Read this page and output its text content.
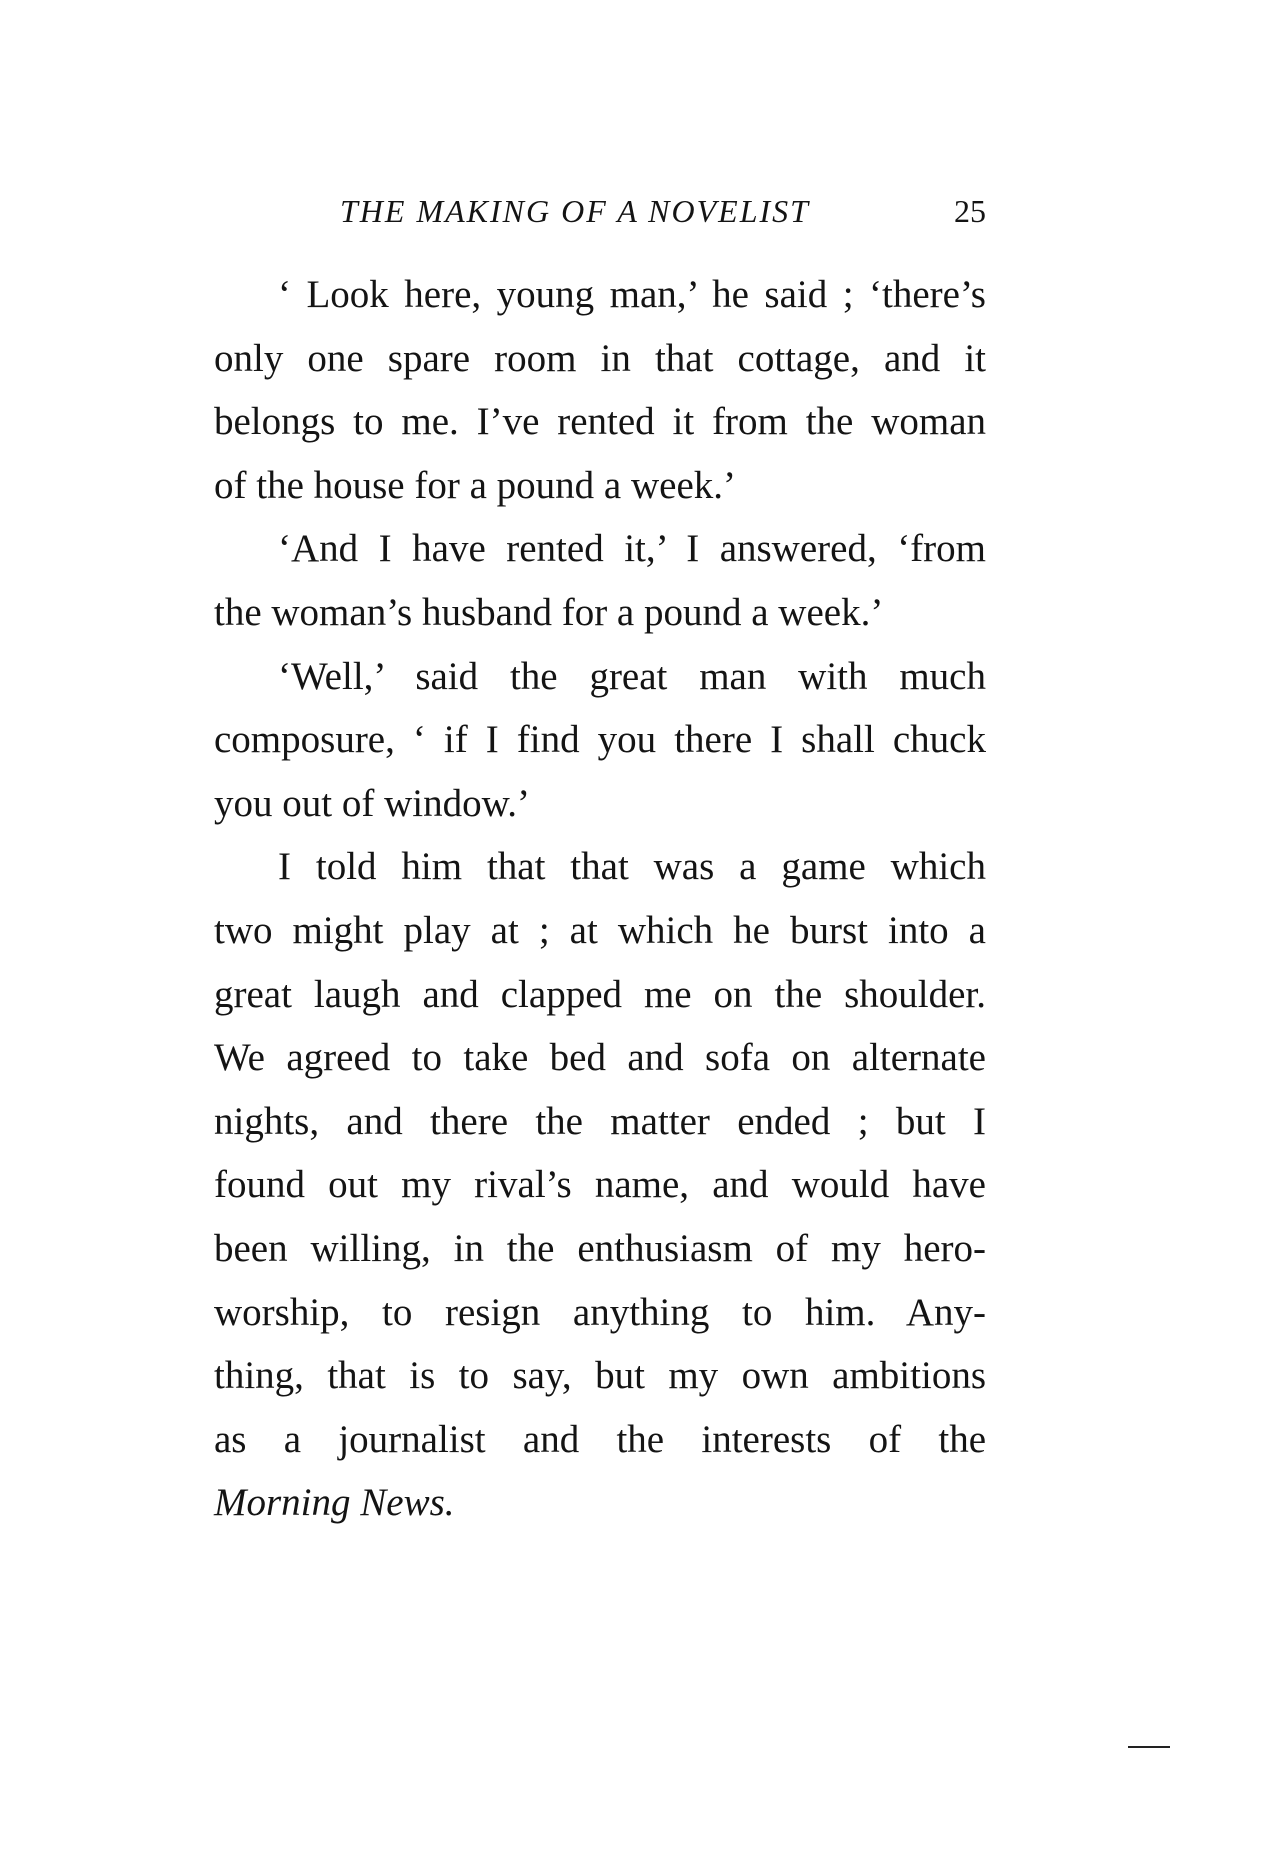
THE MAKING OF A NOVELIST	25
‘ Look here, young man,’ he said ; ‘there’s
only one spare room in that cottage, and it
belongs to me. I’ve rented it from the woman
of the house for a pound a week.’
‘And I have rented it,’ I answered, ‘from
the woman’s husband for a pound a week.’
‘Well,’ said the great man with much
composure, ‘ if I find you there I shall chuck
you out of window.’
I told him that that was a game which
two might play at ; at which he burst into a
great laugh and clapped me on the shoulder.
We agreed to take bed and sofa on alternate
nights, and there the matter ended ; but I
found out my rival’s name, and would have
been willing, in the enthusiasm of my hero-
worship, to resign anything to him. Any-
thing, that is to say, but my own ambitions
as a journalist and the interests of the
Morning News.
